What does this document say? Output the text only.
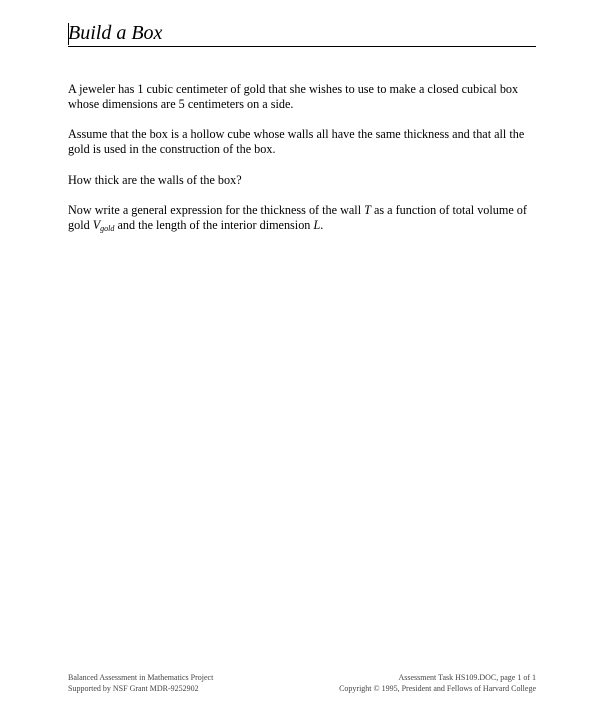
Build a Box

A jeweler has 1 cubic centimeter of gold that she wishes to use to make a closed cubical box whose dimensions are 5 centimeters on a side.

Assume that the box is a hollow cube whose walls all have the same thickness and that all the gold is used in the construction of the box.

How thick are the walls of the box?

Now write a general expression for the thickness of the wall T as a function of total volume of gold Vgold and the length of the interior dimension L.

Balanced Assessment in Mathematics Project
Supported by NSF Grant MDR-9252902
Assessment Task HS109.DOC, page 1 of 1
Copyright © 1995, President and Fellows of Harvard College
